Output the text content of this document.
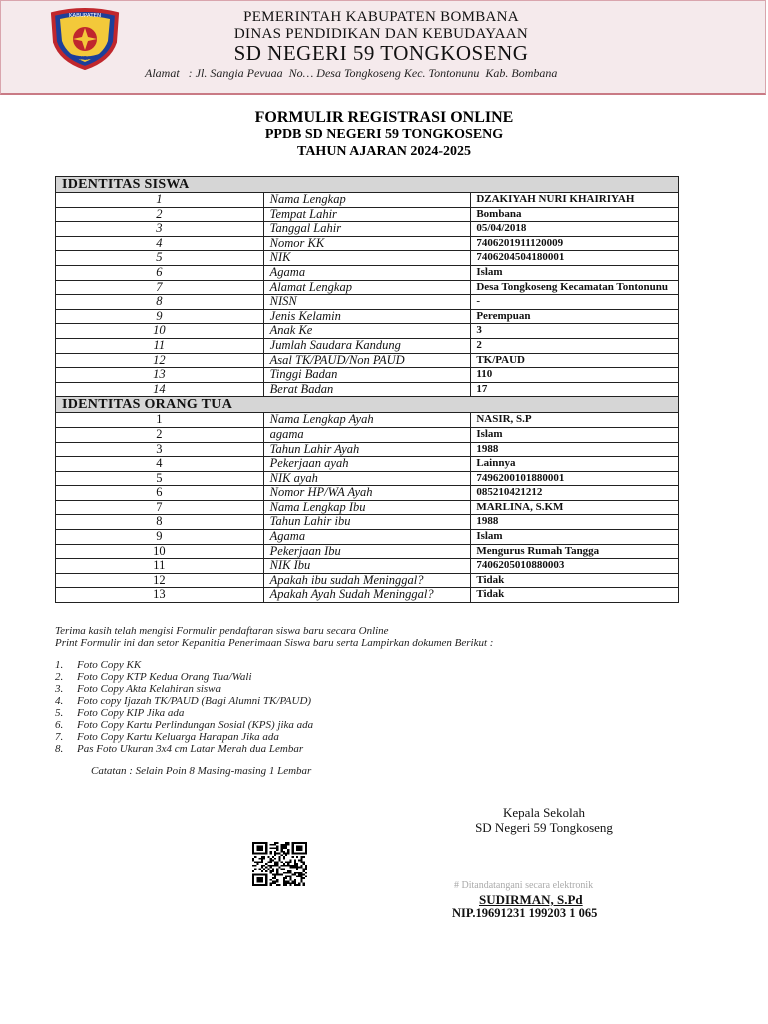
KABUPATEN
BOMBANA
PEMERINTAH KABUPATEN BOMBANA
DINAS PENDIDIKAN DAN KEBUDAYAAN
SD NEGERI 59 TONGKOSENG
Alamat   : Jl. Sangia Pevuaa  No… Desa Tongkoseng Kec. Tontonunu  Kab. Bombana
FORMULIR REGISTRASI ONLINE
PPDB SD NEGERI 59 TONGKOSENG
TAHUN AJARAN 2024-2025
IDENTITAS SISWA		
1	Nama Lengkap	DZAKIYAH NURI KHAIRIYAH
2	Tempat Lahir	Bombana
3	Tanggal Lahir	05/04/2018
4	Nomor KK	7406201911120009
5	NIK	7406204504180001
6	Agama	Islam
7	Alamat Lengkap	Desa Tongkoseng Kecamatan Tontonunu
8	NISN	-
9	Jenis Kelamin	Perempuan
10	Anak Ke	3
11	Jumlah Saudara Kandung	2
12	Asal TK/PAUD/Non PAUD	TK/PAUD
13	Tinggi Badan	110
14	Berat Badan	17
IDENTITAS ORANG TUA		
1	Nama Lengkap Ayah	NASIR, S.P
2	agama	Islam
3	Tahun Lahir Ayah	1988
4	Pekerjaan ayah	Lainnya
5	NIK ayah	7496200101880001
6	Nomor HP/WA Ayah	085210421212
7	Nama Lengkap Ibu	MARLINA, S.KM
8	Tahun Lahir ibu	1988
9	Agama	Islam
10	Pekerjaan Ibu	Mengurus Rumah Tangga
11	NIK Ibu	7406205010880003
12	Apakah ibu sudah Meninggal?	Tidak
13	Apakah Ayah Sudah Meninggal?	Tidak
Terima kasih telah mengisi Formulir pendaftaran siswa baru secara Online
Print Formulir ini dan setor Kepanitia Penerimaan Siswa baru serta Lampirkan dokumen Berikut :
1. Foto Copy KK
2. Foto Copy KTP Kedua Orang Tua/Wali
3. Foto Copy Akta Kelahiran siswa
4. Foto copy Ijazah TK/PAUD (Bagi Alumni TK/PAUD)
5. Foto Copy KIP Jika ada
6. Foto Copy Kartu Perlindungan Sosial (KPS) jika ada
7. Foto Copy Kartu Keluarga Harapan Jika ada
8. Pas Foto Ukuran 3x4 cm Latar Merah dua Lembar
Catatan : Selain Poin 8 Masing-masing 1 Lembar
Kepala Sekolah
SD Negeri 59 Tongkoseng
# Ditandatangani secara elektronik
SUDIRMAN, S.Pd
NIP.19691231 199203 1 065
